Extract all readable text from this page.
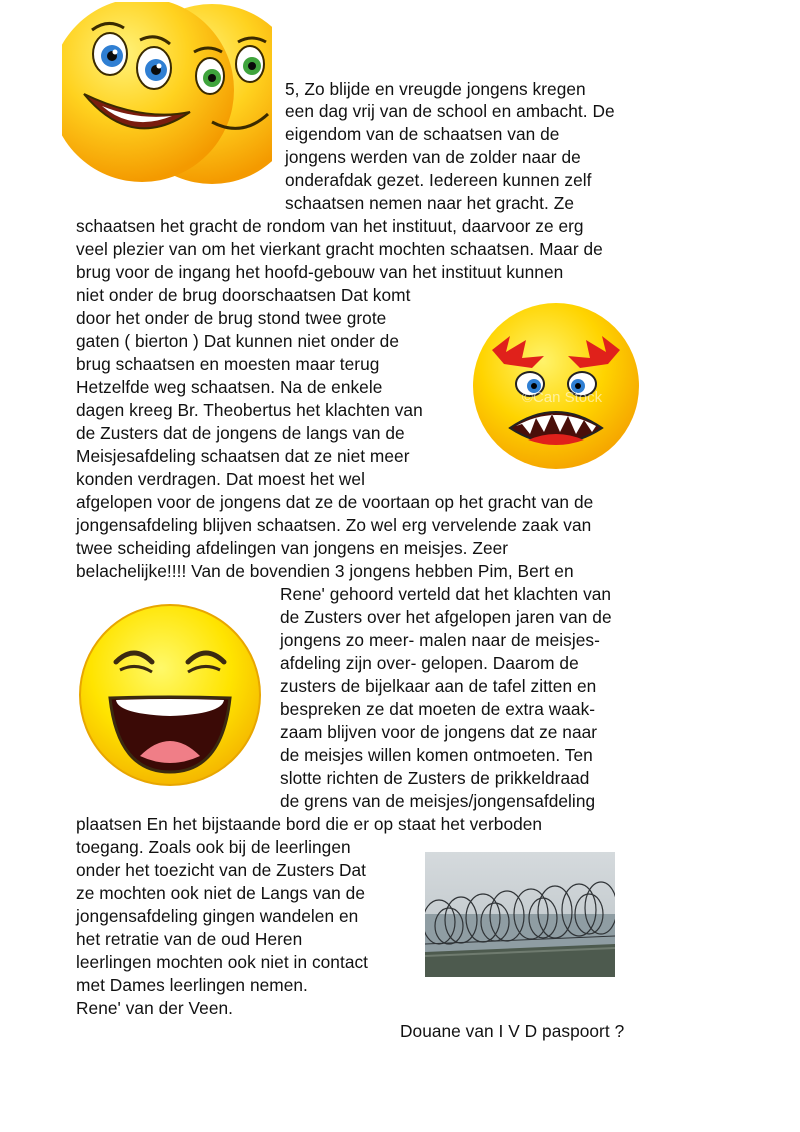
©Can Stock
5, Zo blijde en vreugde jongens kregen
een dag vrij van de school en ambacht. De
eigendom van de schaatsen van de
jongens werden van de zolder naar de
onderafdak gezet. Iedereen kunnen zelf
schaatsen nemen naar het gracht. Ze
schaatsen het gracht de rondom van het instituut, daarvoor ze erg
veel plezier van om het vierkant gracht mochten schaatsen. Maar de
brug voor de ingang het hoofd-gebouw van het instituut kunnen
niet onder de brug doorschaatsen Dat komt
door het onder de brug stond twee grote
gaten ( bierton ) Dat kunnen niet onder de
brug schaatsen en moesten maar terug
Hetzelfde weg schaatsen. Na de enkele
dagen kreeg Br. Theobertus het klachten van
de Zusters dat de jongens de langs van de
Meisjesafdeling schaatsen dat ze niet meer
konden verdragen. Dat moest het wel
afgelopen voor de jongens dat ze de voortaan op het gracht van de
jongensafdeling blijven schaatsen. Zo wel erg vervelende zaak van
twee scheiding afdelingen van jongens en meisjes. Zeer
belachelijke!!!! Van de bovendien 3 jongens hebben Pim, Bert en
Rene' gehoord verteld dat het klachten van
de Zusters over het afgelopen jaren van de
jongens zo meer- malen naar de meisjes-
afdeling zijn over- gelopen. Daarom de
zusters de bijelkaar aan de tafel zitten en
bespreken ze dat moeten de extra waak-
zaam blijven voor de jongens dat ze naar
de meisjes willen komen ontmoeten. Ten
slotte richten de Zusters de prikkeldraad
de grens van de meisjes/jongensafdeling
plaatsen En het bijstaande bord die er op staat het verboden
toegang. Zoals ook bij de leerlingen
onder het toezicht van de Zusters Dat
ze mochten ook niet de Langs van de
jongensafdeling gingen wandelen en
het retratie van de oud Heren
leerlingen mochten ook niet in contact
met Dames leerlingen nemen.
Rene' van der Veen.
Douane van I V D paspoort ?
